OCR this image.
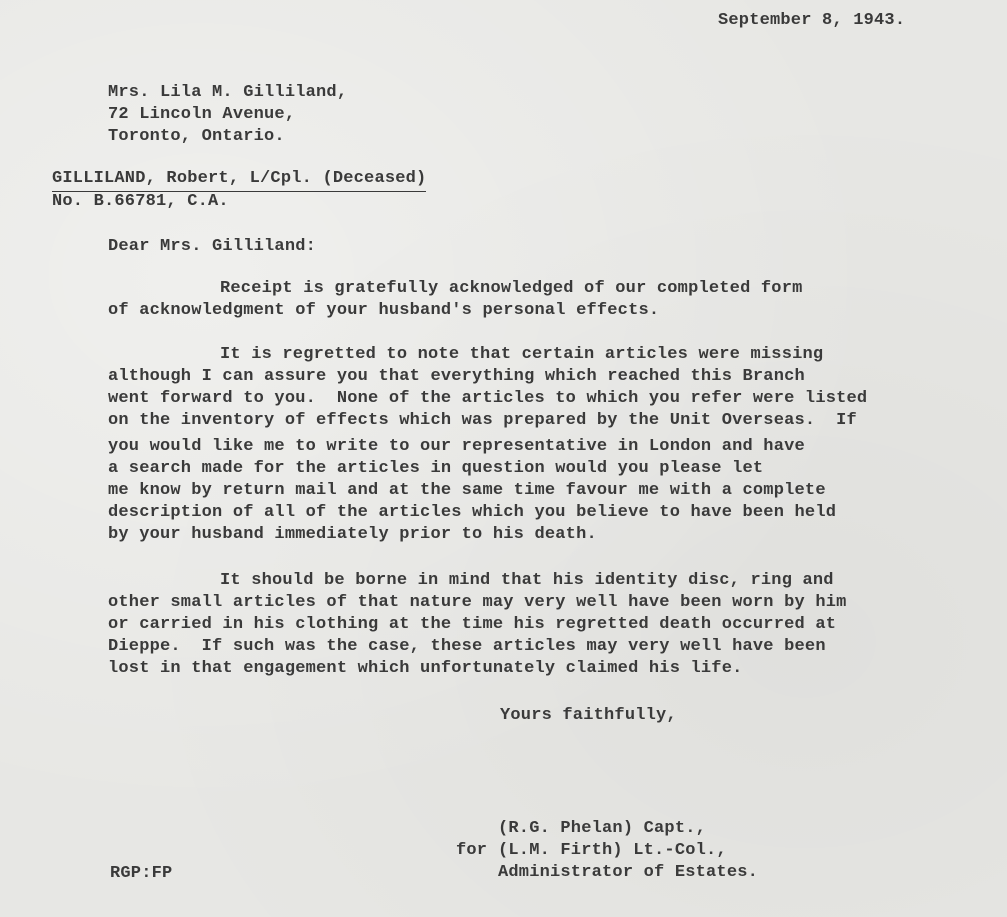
September 8, 1943.
Mrs. Lila M. Gilliland,
72 Lincoln Avenue,
Toronto, Ontario.
GILLILAND, Robert, L/Cpl. (Deceased)
No. B.66781, C.A.
Dear Mrs. Gilliland:
Receipt is gratefully acknowledged of our completed form
of acknowledgment of your husband's personal effects.
It is regretted to note that certain articles were missing
although I can assure you that everything which reached this Branch
went forward to you.  None of the articles to which you refer were listed
on the inventory of effects which was prepared by the Unit Overseas.  If
you would like me to write to our representative in London and have
a search made for the articles in question would you please let
me know by return mail and at the same time favour me with a complete
description of all of the articles which you believe to have been held
by your husband immediately prior to his death.
It should be borne in mind that his identity disc, ring and
other small articles of that nature may very well have been worn by him
or carried in his clothing at the time his regretted death occurred at
Dieppe.  If such was the case, these articles may very well have been
lost in that engagement which unfortunately claimed his life.
Yours faithfully,
(R.G. Phelan) Capt.,
for (L.M. Firth) Lt.-Col.,
Administrator of Estates.
RGP:FP
